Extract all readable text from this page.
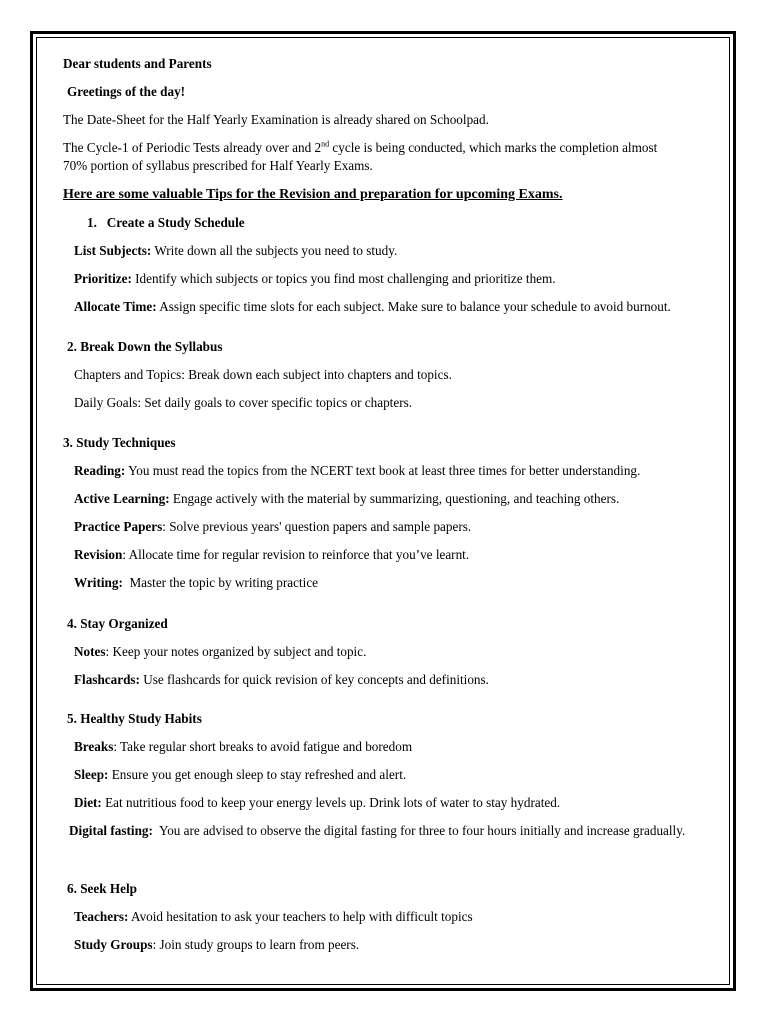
Dear students and Parents
Greetings of the day!
The Date-Sheet for the Half Yearly Examination is already shared on Schoolpad.
The Cycle-1 of Periodic Tests already over and 2nd cycle is being conducted, which marks the completion almost
70% portion of syllabus prescribed for Half Yearly Exams.
Here are some valuable Tips for the Revision and preparation for upcoming Exams.
1.   Create a Study Schedule
List Subjects: Write down all the subjects you need to study.
Prioritize: Identify which subjects or topics you find most challenging and prioritize them.
Allocate Time: Assign specific time slots for each subject. Make sure to balance your schedule to avoid burnout.
2. Break Down the Syllabus
Chapters and Topics: Break down each subject into chapters and topics.
Daily Goals: Set daily goals to cover specific topics or chapters.
3. Study Techniques
Reading: You must read the topics from the NCERT text book at least three times for better understanding.
Active Learning: Engage actively with the material by summarizing, questioning, and teaching others.
Practice Papers: Solve previous years' question papers and sample papers.
Revision: Allocate time for regular revision to reinforce that you’ve learnt.
Writing:  Master the topic by writing practice
4. Stay Organized
Notes: Keep your notes organized by subject and topic.
Flashcards: Use flashcards for quick revision of key concepts and definitions.
5. Healthy Study Habits
Breaks: Take regular short breaks to avoid fatigue and boredom
Sleep: Ensure you get enough sleep to stay refreshed and alert.
Diet: Eat nutritious food to keep your energy levels up. Drink lots of water to stay hydrated.
Digital fasting:  You are advised to observe the digital fasting for three to four hours initially and increase gradually.
6. Seek Help
Teachers: Avoid hesitation to ask your teachers to help with difficult topics
Study Groups: Join study groups to learn from peers.
